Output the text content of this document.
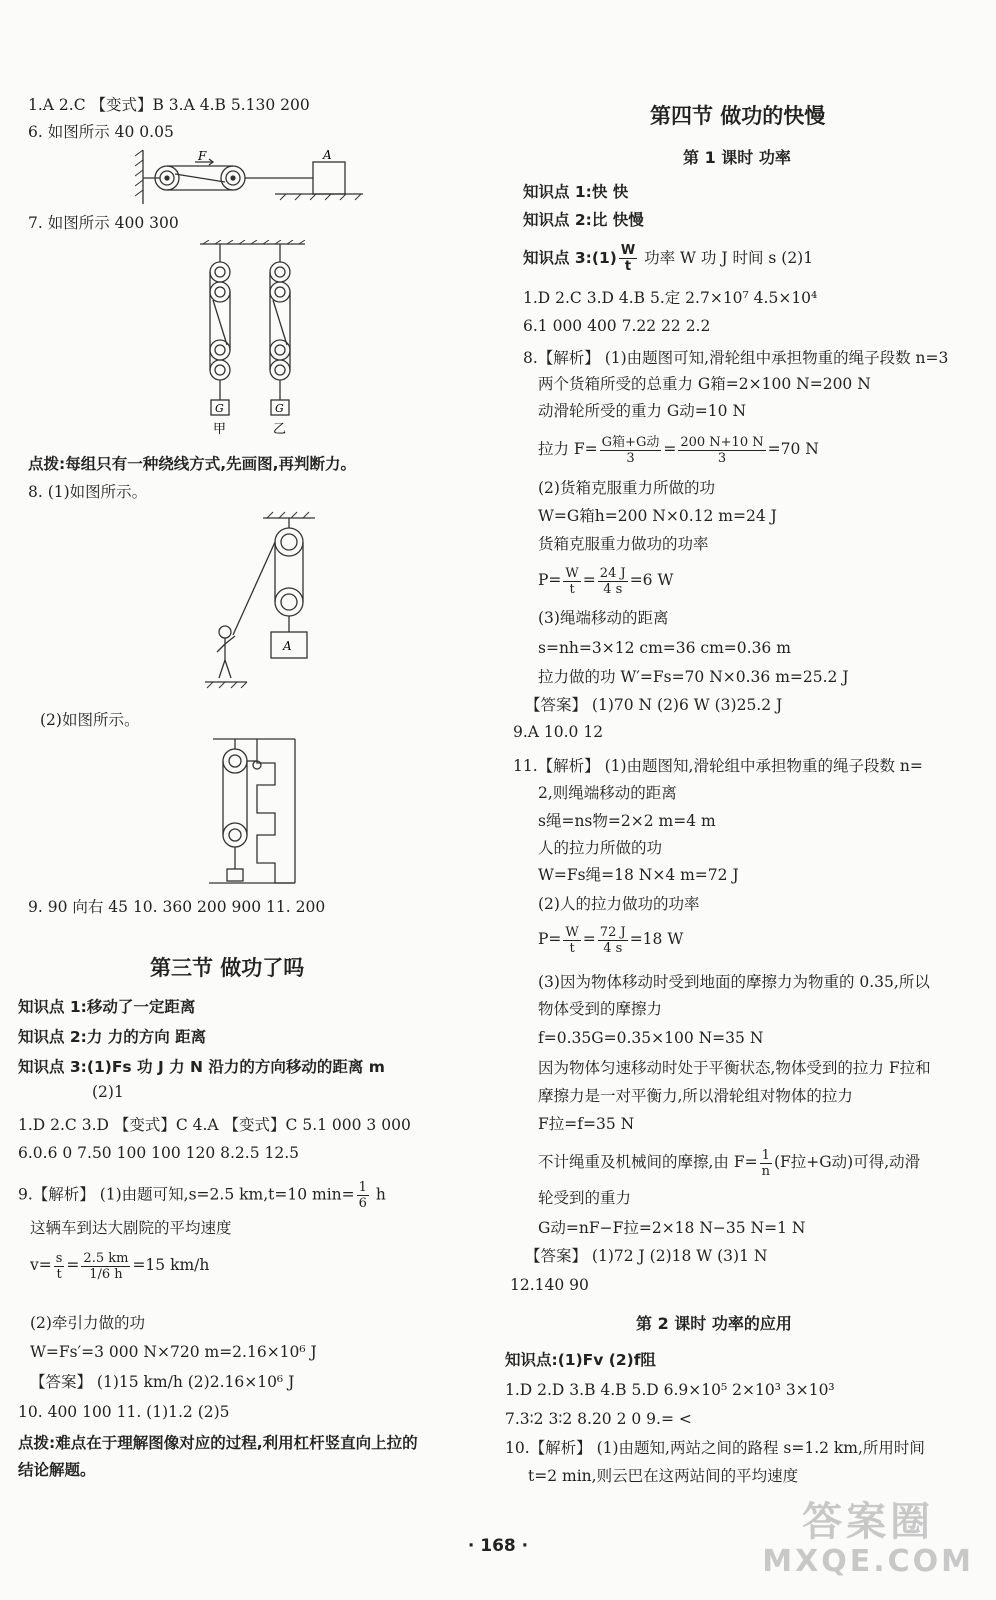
1.A 2.C 【变式】B 3.A 4.B 5.130 200
6. 如图所示 40 0.05
F	A
7. 如图所示 400 300
G	G
甲	乙
点拨:每组只有一种绕线方式,先画图,再判断力。
8. (1)如图所示。
A
(2)如图所示。
9. 90 向右 45 10. 360 200 900 11. 200
第三节 做功了吗
知识点 1:移动了一定距离
知识点 2:力 力的方向 距离
知识点 3:(1)Fs 功 J 力 N 沿力的方向移动的距离 m
(2)1
1.D 2.C 3.D 【变式】C 4.A 【变式】C 5.1 000 3 000
6.0.6 0 7.50 100 100 120 8.2.5 12.5
9.【解析】 (1)由题可知,s=2.5 km,t=10 $\min= \frac{1}{6}$ h
这辆车到达大剧院的平均速度
$v= \frac{s}{t} = \frac{2.5 km}{1/6 h} =15$ km/h
(2)牵引力做的功
W=Fs′=3 000 N×720 m=2.16×10⁶ J
【答案】 (1)15 km/h (2)2.16×10⁶ J
10. 400 100 11. (1)1.2 (2)5
点拨:难点在于理解图像对应的过程,利用杠杆竖直向上拉的
结论解题。
第四节 做功的快慢
第 1 课时 功率
知识点 1:快 快
知识点 2:比 快慢
知识点 3:(1) $\frac{W}{t}$ 功率 W 功 J 时间 s (2)1
1.D 2.C 3.D 4.B 5.定 2.7×10⁷ 4.5×10⁴
6.1 000 400 7.22 22 2.2
8.【解析】 (1)由题图可知,滑轮组中承担物重的绳子段数 n=3
两个货箱所受的总重力 G箱=2×100 N=200 N
动滑轮所受的重力 G动=10 N
拉力 $F= \frac{\text{G箱+G动}}{3} = \frac{200 N+10 N}{3} =70$ N
(2)货箱克服重力所做的功
W=G箱h=200 N×0.12 m=24 J
货箱克服重力做功的功率
$P= \frac{W}{t} = \frac{24 J}{4 s} =6$ W
(3)绳端移动的距离
s=nh=3×12 cm=36 cm=0.36 m
拉力做的功 W′=Fs=70 N×0.36 m=25.2 J
【答案】 (1)70 N (2)6 W (3)25.2 J
9.A 10.0 12
11.【解析】 (1)由题图知,滑轮组中承担物重的绳子段数 n=
2,则绳端移动的距离
s绳=ns物=2×2 m=4 m
人的拉力所做的功
W=Fs绳=18 N×4 m=72 J
(2)人的拉力做功的功率
$P= \frac{W}{t} = \frac{72 J}{4 s} =18$ W
(3)因为物体移动时受到地面的摩擦力为物重的 0.35,所以
物体受到的摩擦力
f=0.35G=0.35×100 N=35 N
因为物体匀速移动时处于平衡状态,物体受到的拉力 F拉和
摩擦力是一对平衡力,所以滑轮组对物体的拉力
F拉=f=35 N
不计绳重及机械间的摩擦,由 $F= \frac{1}{n} (F$拉+G动)可得,动滑
轮受到的重力
G动=nF−F拉=2×18 N−35 N=1 N
【答案】 (1)72 J (2)18 W (3)1 N
12.140 90
第 2 课时 功率的应用
知识点:(1)Fv (2)f阻
1.D 2.D 3.B 4.B 5.D 6.9×10⁵ 2×10³ 3×10³
7.3∶2 3∶2 8.20 2 0 9.= <
10.【解析】 (1)由题知,两站之间的路程 s=1.2 km,所用时间
t=2 min,则云巴在这两站间的平均速度
· 168 ·
答案圈
MXQE.COM
